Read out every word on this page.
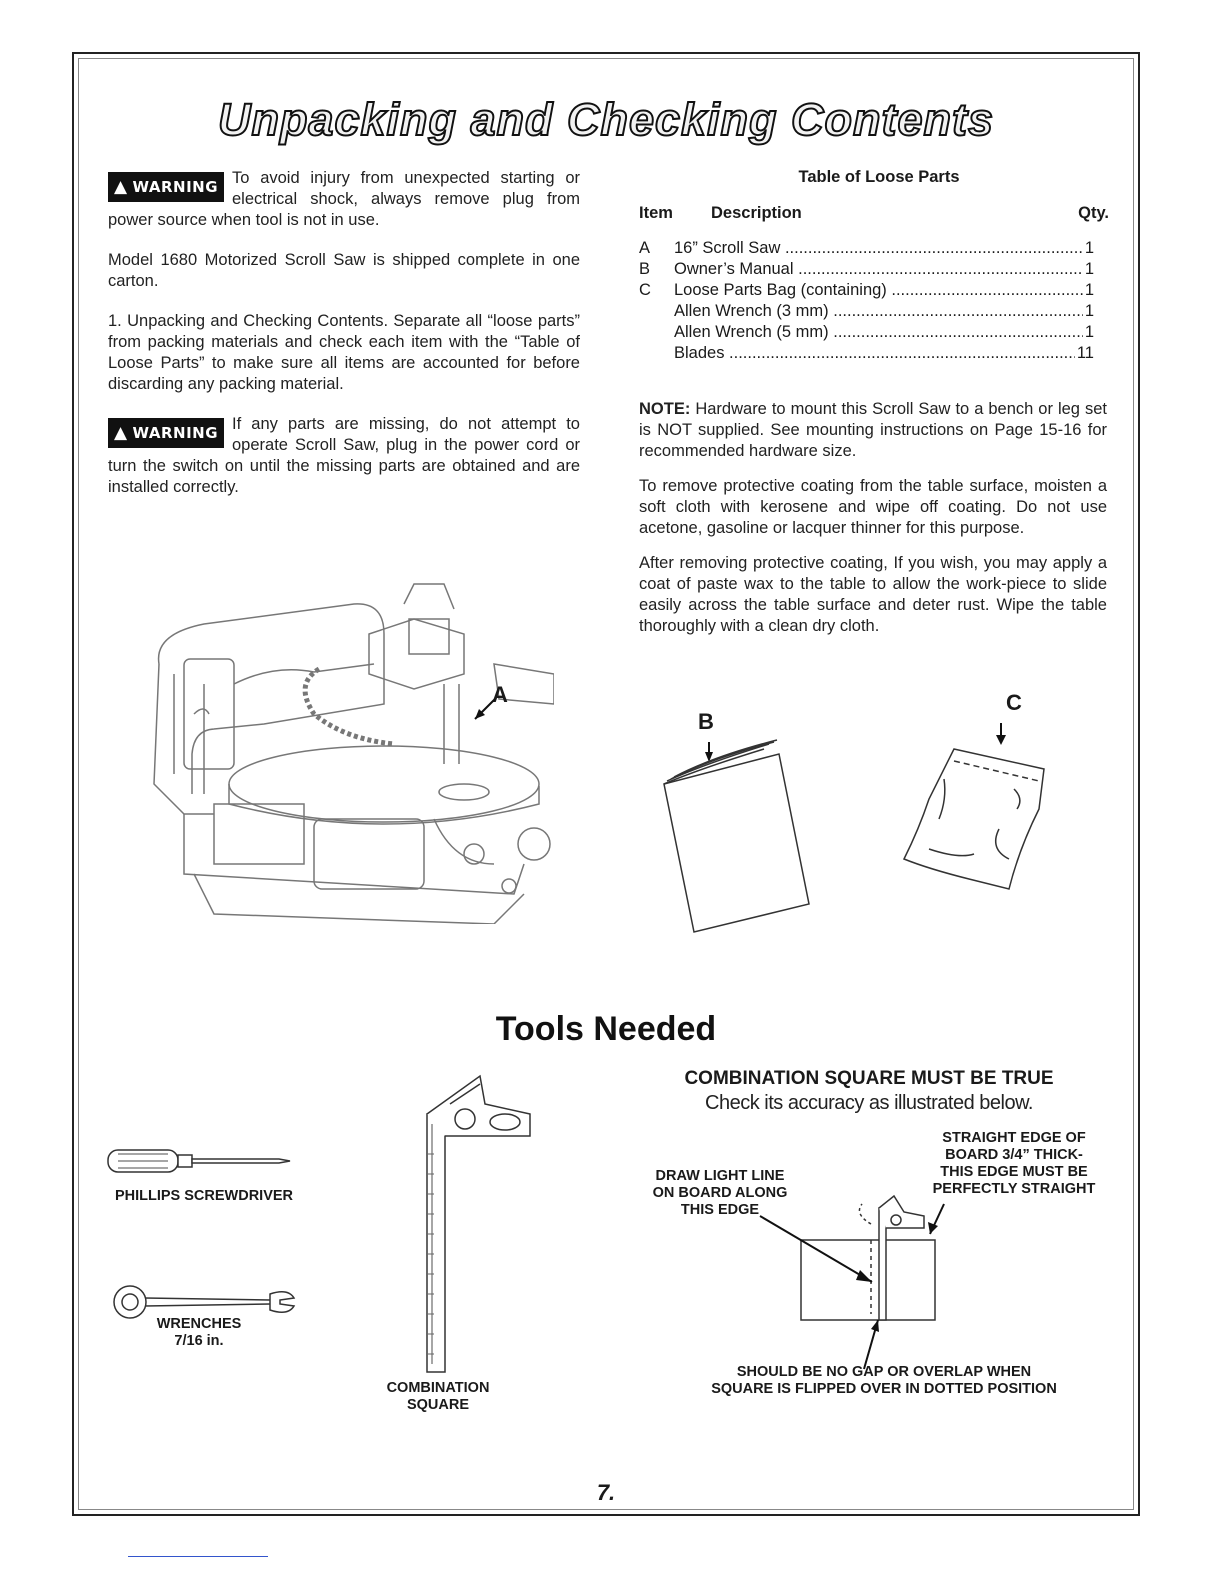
Unpacking and Checking Contents
▲ WARNING To avoid injury from unexpected starting or electrical shock, always remove plug from power source when tool is not in use.
Model 1680 Motorized Scroll Saw is shipped complete in one carton.
1. Unpacking and Checking Contents. Separate all “loose parts” from packing materials and check each item with the “Table of Loose Parts” to make sure all items are accounted for before discarding any packing material.
▲ WARNING If any parts are missing, do not attempt to operate Scroll Saw, plug in the power cord or turn the switch on until the missing parts are obtained and are installed correctly.
Table of Loose Parts
Item Description	Qty.
A	16” Scroll Saw .....	1
B	Owner’s Manual .....	1
C	Loose Parts Bag (containing) .....	1
Allen Wrench (3 mm) .....	1
Allen Wrench (5 mm) .....	1
Blades .....	11
NOTE: Hardware to mount this Scroll Saw to a bench or leg set is NOT supplied. See mounting instructions on Page 15-16 for recommended hardware size.
To remove protective coating from the table surface, moisten a soft cloth with kerosene and wipe off coating. Do not use acetone, gasoline or lacquer thinner for this purpose.
After removing protective coating, If you wish, you may apply a coat of paste wax to the table to allow the work-piece to slide easily across the table surface and deter rust. Wipe the table thoroughly with a clean dry cloth.
A
B
C
Tools Needed
PHILLIPS SCREWDRIVER
WRENCHES
7/16 in.
COMBINATION
SQUARE
COMBINATION SQUARE MUST BE TRUE
Check its accuracy as illustrated below.
DRAW LIGHT LINE
ON BOARD ALONG
THIS EDGE
STRAIGHT EDGE OF
BOARD 3/4” THICK-
THIS EDGE MUST BE
PERFECTLY STRAIGHT
SHOULD BE NO GAP OR OVERLAP WHEN
SQUARE IS FLIPPED OVER IN DOTTED POSITION
7.
